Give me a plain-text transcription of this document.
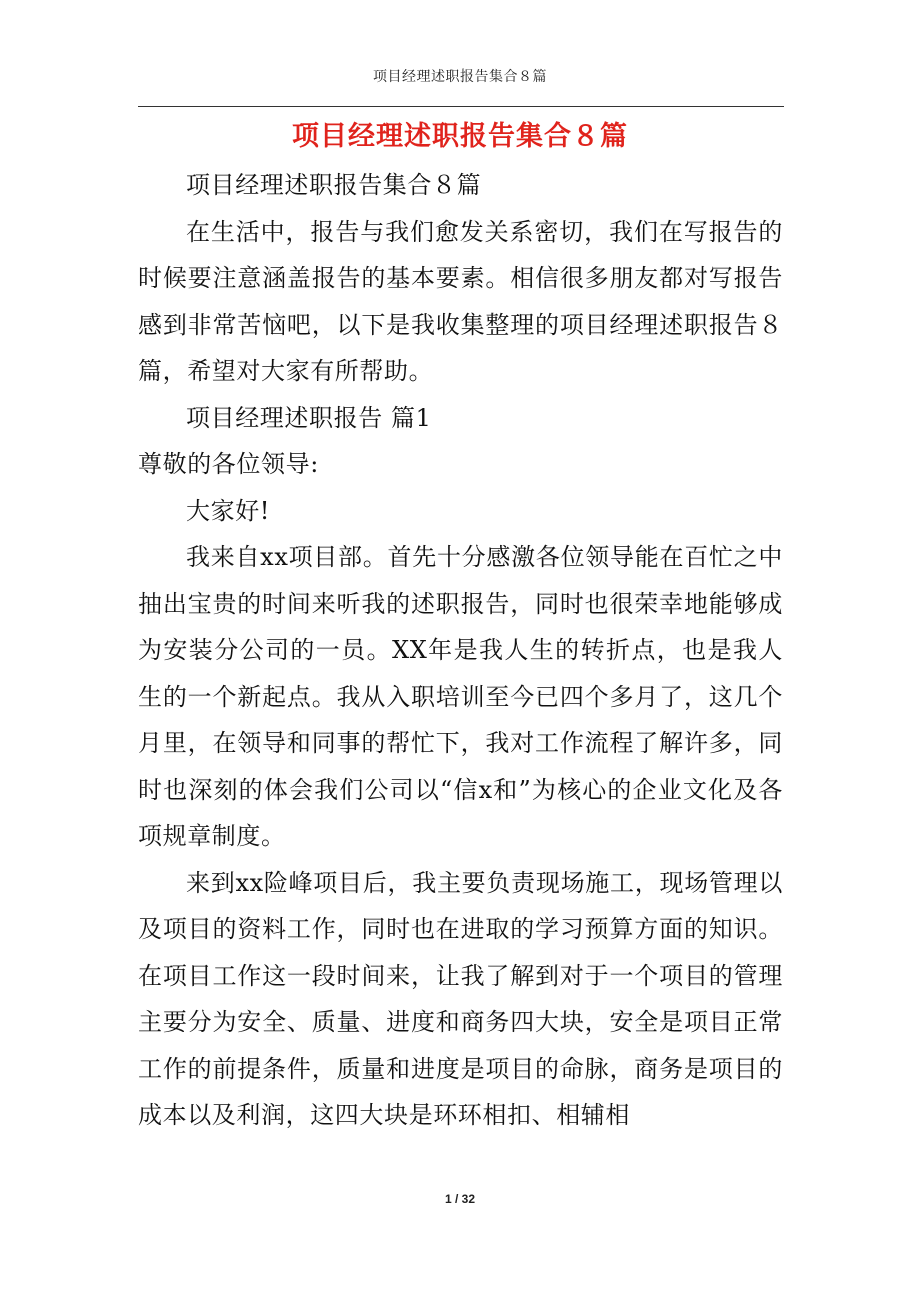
项目经理述职报告集合８篇
项目经理述职报告集合８篇

项目经理述职报告集合８篇

在生活中，报告与我们愈发关系密切，我们在写报告的时候要注意涵盖报告的基本要素。相信很多朋友都对写报告感到非常苦恼吧，以下是我收集整理的项目经理述职报告８篇，希望对大家有所帮助。

项目经理述职报告 篇1

尊敬的各位领导:

大家好!

我来自xx项目部。首先十分感激各位领导能在百忙之中抽出宝贵的时间来听我的述职报告，同时也很荣幸地能够成为安装分公司的一员。XX年是我人生的转折点，也是我人生的一个新起点。我从入职培训至今已四个多月了，这几个月里，在领导和同事的帮忙下，我对工作流程了解许多，同时也深刻的体会我们公司以“信x和”为核心的企业文化及各项规章制度。

来到xx险峰项目后，我主要负责现场施工，现场管理以及项目的资料工作，同时也在进取的学习预算方面的知识。在项目工作这一段时间来，让我了解到对于一个项目的管理主要分为安全、质量、进度和商务四大块，安全是项目正常工作的前提条件，质量和进度是项目的命脉，商务是项目的成本以及利润，这四大块是环环相扣、相辅相

1 / 32
